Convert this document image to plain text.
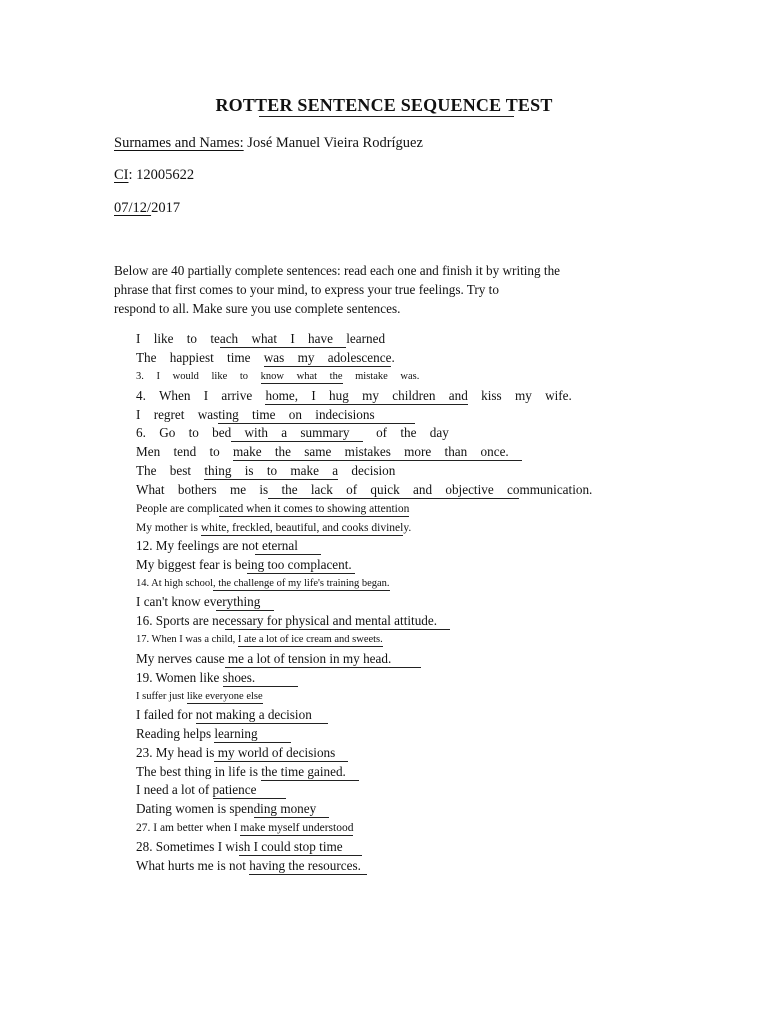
ROTTER SENTENCE SEQUENCE TEST
Surnames and Names: José Manuel Vieira Rodríguez
CI: 12005622
07/12/2017
Below are 40 partially complete sentences: read each one and finish it by writing the
phrase that first comes to your mind, to express your true feelings. Try to
respond to all. Make sure you use complete sentences.
I like to teach what I have learned
The happiest time was my adolescence.
3. I would like to know what the mistake was.
4. When I arrive home, I hug my children and kiss my wife.
I regret wasting time on indecisions
6. Go to bed with a summary  of the day
Men tend to make the same mistakes more than once.
The best thing is to make a decision
What bothers me is the lack of quick and objective communication.
People are complicated when it comes to showing attention
My mother is white, freckled, beautiful, and cooks divinely.
12. My feelings are not eternal
My biggest fear is being too complacent.
14. At high school, the challenge of my life's training began.
I can't know everything
16. Sports are necessary for physical and mental attitude.
17. When I was a child, I ate a lot of ice cream and sweets.
My nerves cause me a lot of tension in my head.
19. Women like shoes.
I suffer just like everyone else
I failed for not making a decision
Reading helps learning
23. My head is my world of decisions
The best thing in life is the time gained.
I need a lot of patience
Dating women is spending money
27. I am better when I make myself understood
28. Sometimes I wish I could stop time
What hurts me is not having the resources.
